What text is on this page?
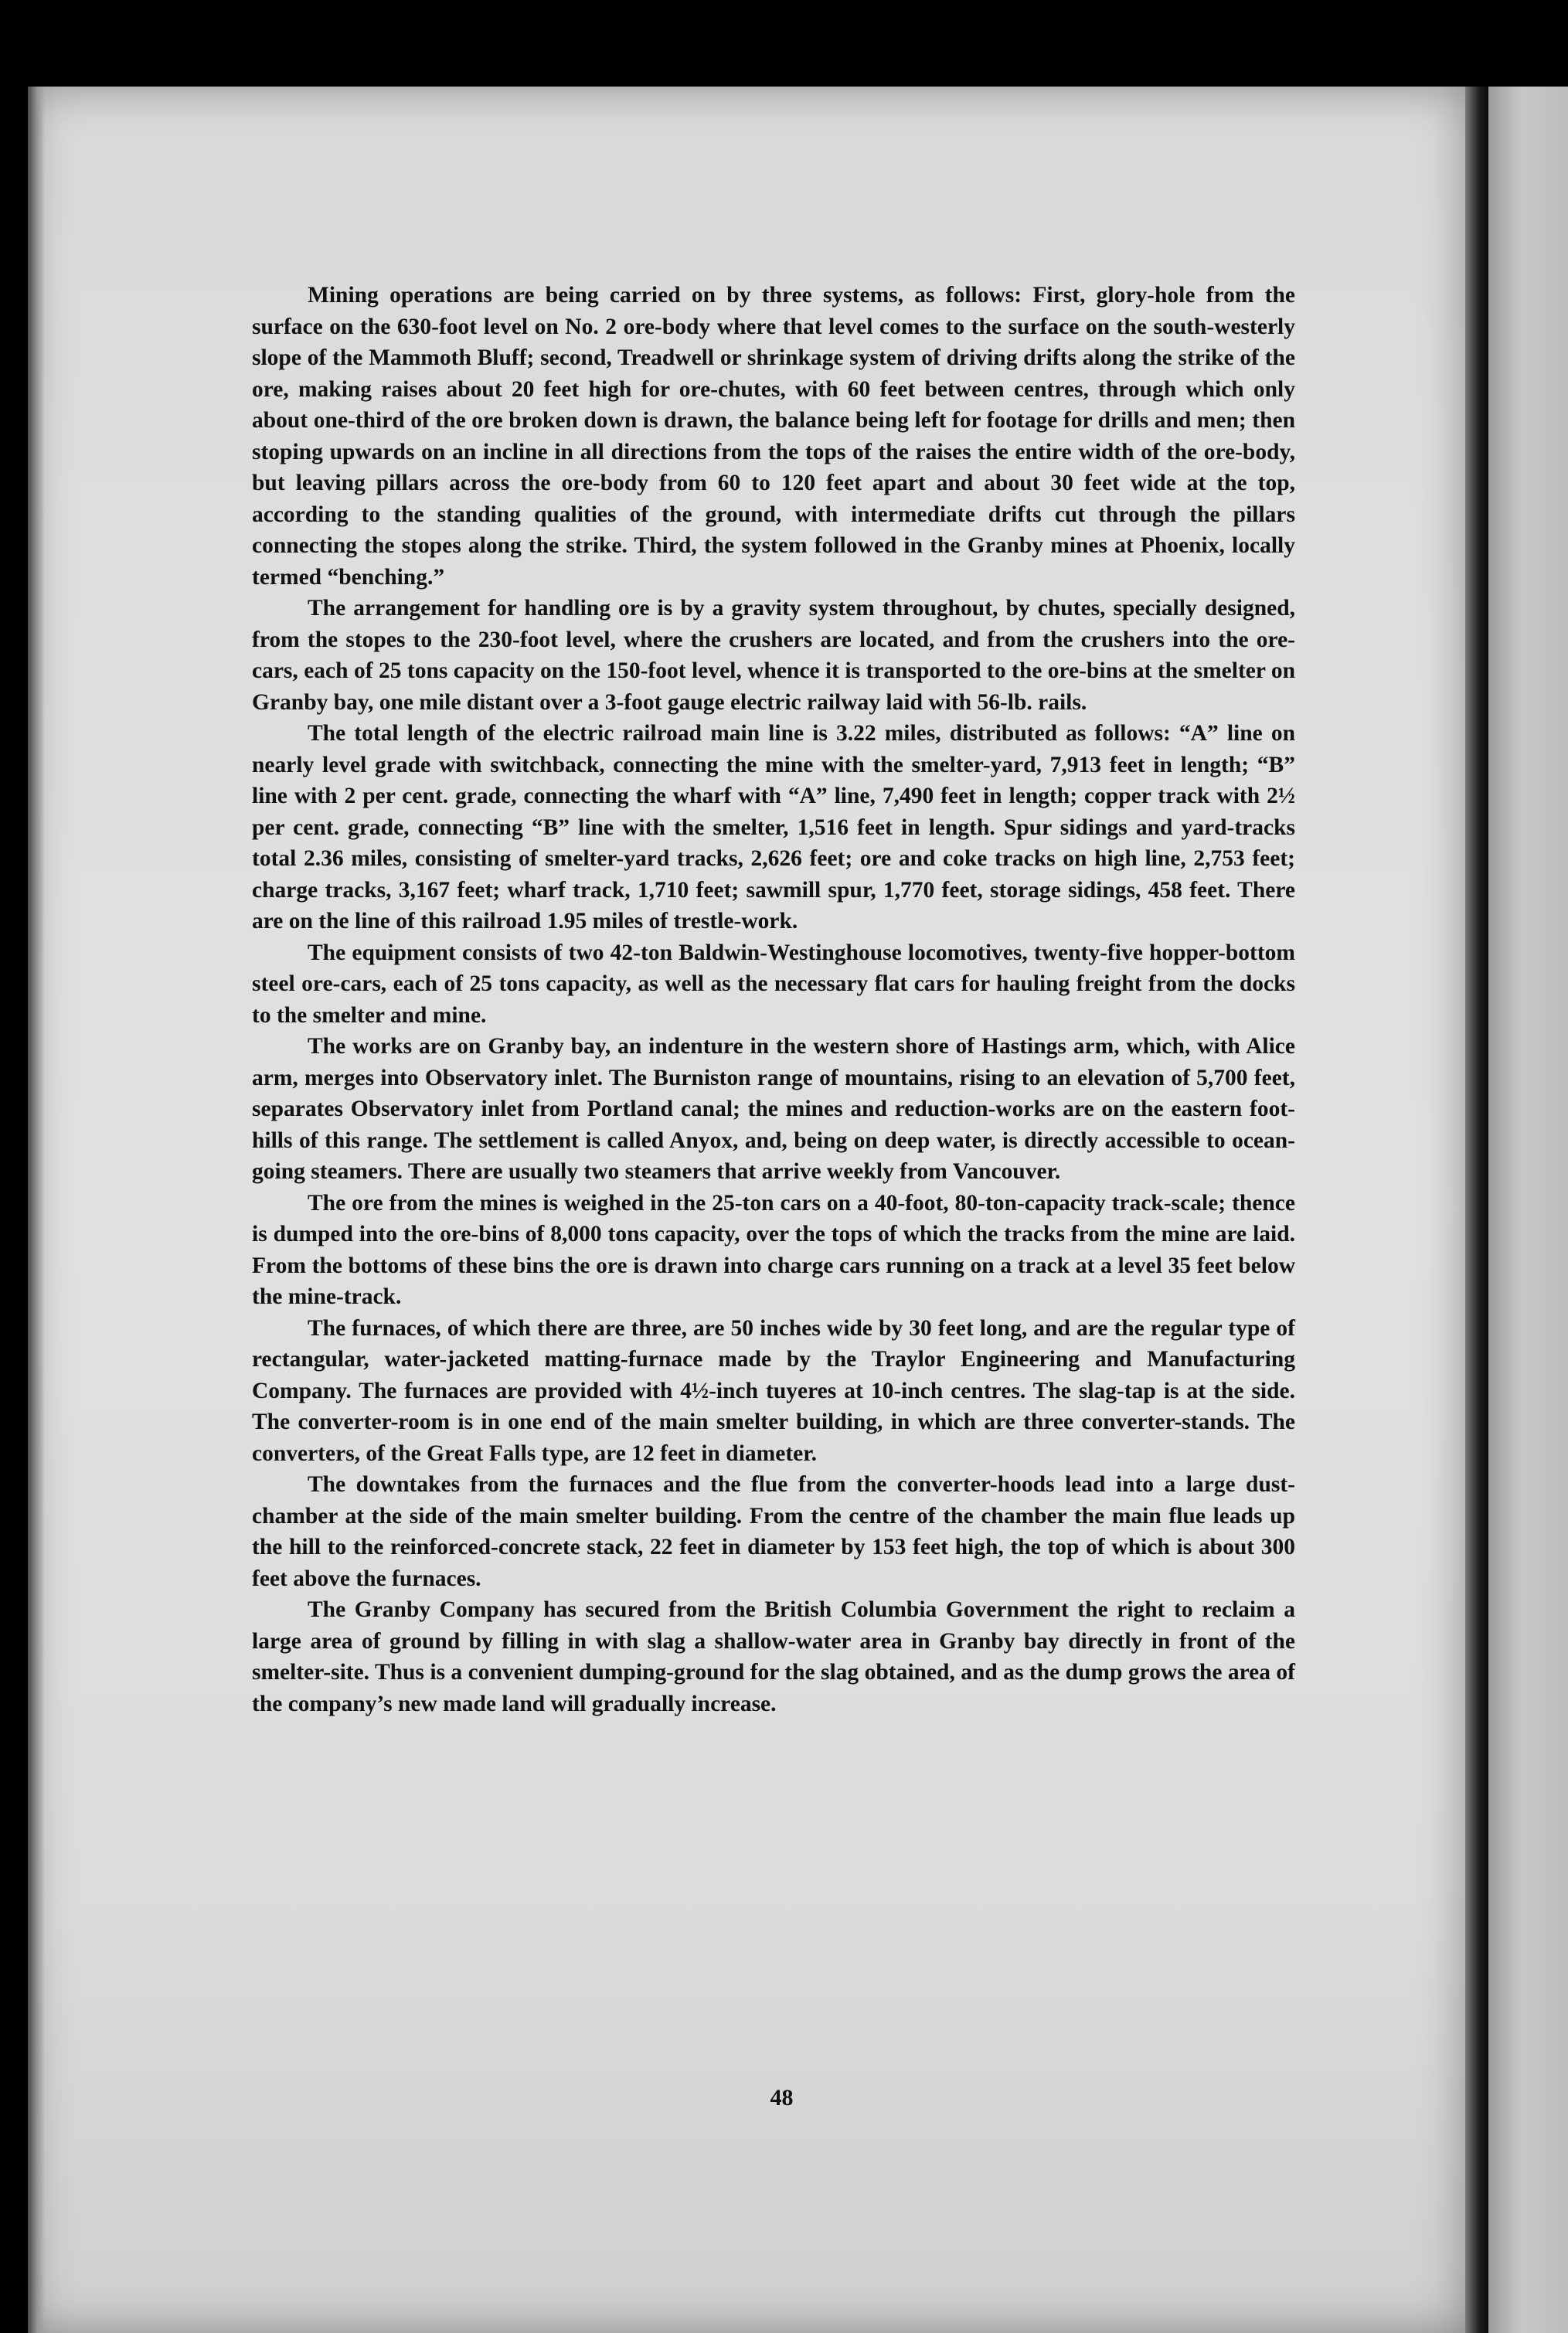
Mining operations are being carried on by three systems, as follows: First, glory-hole from the surface on the 630-foot level on No. 2 ore-body where that level comes to the surface on the south-westerly slope of the Mammoth Bluff; second, Treadwell or shrinkage system of driving drifts along the strike of the ore, making raises about 20 feet high for ore-chutes, with 60 feet between centres, through which only about one-third of the ore broken down is drawn, the balance being left for footage for drills and men; then stoping upwards on an incline in all directions from the tops of the raises the entire width of the ore-body, but leaving pillars across the ore-body from 60 to 120 feet apart and about 30 feet wide at the top, according to the standing qualities of the ground, with intermediate drifts cut through the pillars connecting the stopes along the strike. Third, the system followed in the Granby mines at Phoenix, locally termed “benching.”

The arrangement for handling ore is by a gravity system throughout, by chutes, specially designed, from the stopes to the 230-foot level, where the crushers are located, and from the crushers into the ore-cars, each of 25 tons capacity on the 150-foot level, whence it is transported to the ore-bins at the smelter on Granby bay, one mile distant over a 3-foot gauge electric railway laid with 56-lb. rails.

The total length of the electric railroad main line is 3.22 miles, distributed as follows: “A” line on nearly level grade with switchback, connecting the mine with the smelter-yard, 7,913 feet in length; “B” line with 2 per cent. grade, connecting the wharf with “A” line, 7,490 feet in length; copper track with 2½ per cent. grade, connecting “B” line with the smelter, 1,516 feet in length. Spur sidings and yard-tracks total 2.36 miles, consisting of smelter-yard tracks, 2,626 feet; ore and coke tracks on high line, 2,753 feet; charge tracks, 3,167 feet; wharf track, 1,710 feet; sawmill spur, 1,770 feet, storage sidings, 458 feet. There are on the line of this railroad 1.95 miles of trestle-work.

The equipment consists of two 42-ton Baldwin-Westinghouse locomotives, twenty-five hopper-bottom steel ore-cars, each of 25 tons capacity, as well as the necessary flat cars for hauling freight from the docks to the smelter and mine.

The works are on Granby bay, an indenture in the western shore of Hastings arm, which, with Alice arm, merges into Observatory inlet. The Burniston range of mountains, rising to an elevation of 5,700 feet, separates Observatory inlet from Portland canal; the mines and reduction-works are on the eastern foot-hills of this range. The settlement is called Anyox, and, being on deep water, is directly accessible to ocean-going steamers. There are usually two steamers that arrive weekly from Vancouver.

The ore from the mines is weighed in the 25-ton cars on a 40-foot, 80-ton-capacity track-scale; thence is dumped into the ore-bins of 8,000 tons capacity, over the tops of which the tracks from the mine are laid. From the bottoms of these bins the ore is drawn into charge cars running on a track at a level 35 feet below the mine-track.

The furnaces, of which there are three, are 50 inches wide by 30 feet long, and are the regular type of rectangular, water-jacketed matting-furnace made by the Traylor Engineering and Manufacturing Company. The furnaces are provided with 4½-inch tuyeres at 10-inch centres. The slag-tap is at the side. The converter-room is in one end of the main smelter building, in which are three converter-stands. The converters, of the Great Falls type, are 12 feet in diameter.

The downtakes from the furnaces and the flue from the converter-hoods lead into a large dust-chamber at the side of the main smelter building. From the centre of the chamber the main flue leads up the hill to the reinforced-concrete stack, 22 feet in diameter by 153 feet high, the top of which is about 300 feet above the furnaces.

The Granby Company has secured from the British Columbia Government the right to reclaim a large area of ground by filling in with slag a shallow-water area in Granby bay directly in front of the smelter-site. Thus is a convenient dumping-ground for the slag obtained, and as the dump grows the area of the company’s new made land will gradually increase.

48
